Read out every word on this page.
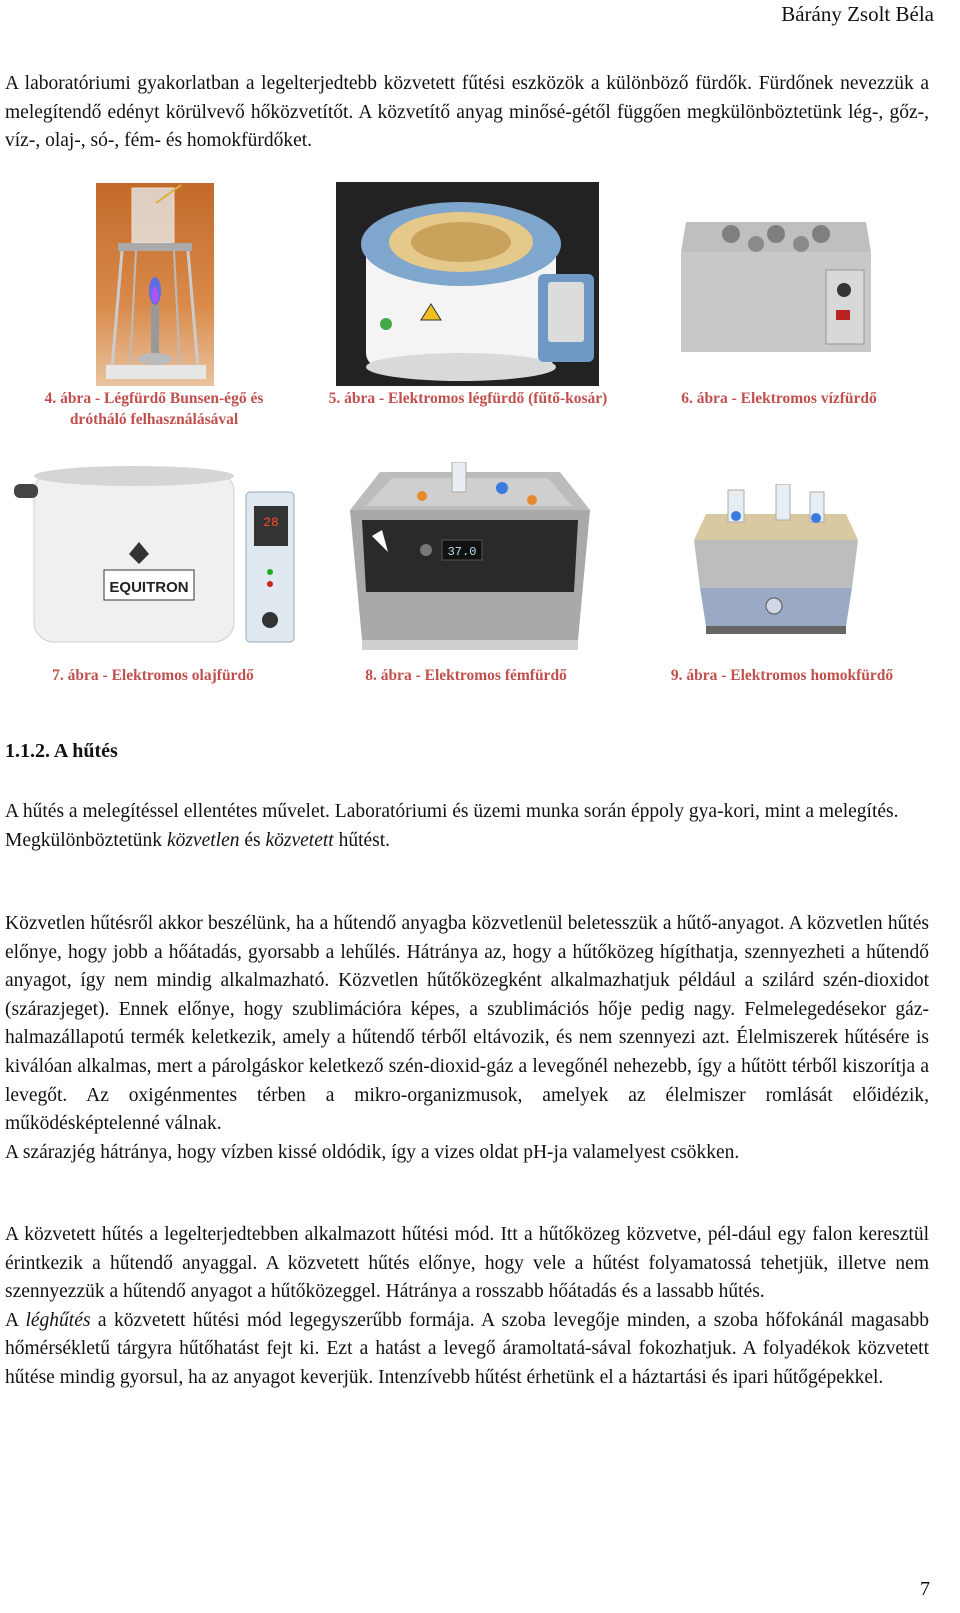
Bárány Zsolt Béla

A laboratóriumi gyakorlatban a legelterjedtebb közvetett fűtési eszközök a különböző fürdők. Fürdőnek nevezzük a melegítendő edényt körülvevő hőközvetítőt. A közvetítő anyag minősé-gétől függően megkülönböztetünk lég-, gőz-, víz-, olaj-, só-, fém- és homokfürdőket.

4. ábra - Légfürdő Bunsen-égő és drótháló felhasználásával
5. ábra - Elektromos légfürdő (fűtő-kosár)	6. ábra - Elektromos vízfürdő
EQUITRON
28
37.0
7. ábra - Elektromos olajfürdő	8. ábra - Elektromos fémfürdő	9. ábra - Elektromos homokfürdő
1.1.2. A hűtés

A hűtés a melegítéssel ellentétes művelet. Laboratóriumi és üzemi munka során éppoly gya-kori, mint a melegítés.

Megkülönböztetünk közvetlen és közvetett hűtést.

Közvetlen hűtésről akkor beszélünk, ha a hűtendő anyagba közvetlenül beletesszük a hűtő-anyagot. A közvetlen hűtés előnye, hogy jobb a hőátadás, gyorsabb a lehűlés. Hátránya az, hogy a hűtőközeg hígíthatja, szennyezheti a hűtendő anyagot, így nem mindig alkalmazható. Közvetlen hűtőközegként alkalmazhatjuk például a szilárd szén-dioxidot (szárazjeget). Ennek előnye, hogy szublimációra képes, a szublimációs hője pedig nagy. Felmelegedésekor gáz-halmazállapotú termék keletkezik, amely a hűtendő térből eltávozik, és nem szennyezi azt. Élelmiszerek hűtésére is kiválóan alkalmas, mert a párolgáskor keletkező szén-dioxid-gáz a levegőnél nehezebb, így a hűtött térből kiszorítja a levegőt. Az oxigénmentes térben a mikro-organizmusok, amelyek az élelmiszer romlását előidézik, működésképtelenné válnak.

A szárazjég hátránya, hogy vízben kissé oldódik, így a vizes oldat pH-ja valamelyest csökken.

A közvetett hűtés a legelterjedtebben alkalmazott hűtési mód. Itt a hűtőközeg közvetve, pél-dául egy falon keresztül érintkezik a hűtendő anyaggal. A közvetett hűtés előnye, hogy vele a hűtést folyamatossá tehetjük, illetve nem szennyezzük a hűtendő anyagot a hűtőközeggel. Hátránya a rosszabb hőátadás és a lassabb hűtés.

A léghűtés a közvetett hűtési mód legegyszerűbb formája. A szoba levegője minden, a szoba hőfokánál magasabb hőmérsékletű tárgyra hűtőhatást fejt ki. Ezt a hatást a levegő áramoltatá-sával fokozhatjuk. A folyadékok közvetett hűtése mindig gyorsul, ha az anyagot keverjük. Intenzívebb hűtést érhetünk el a háztartási és ipari hűtőgépekkel.

7
